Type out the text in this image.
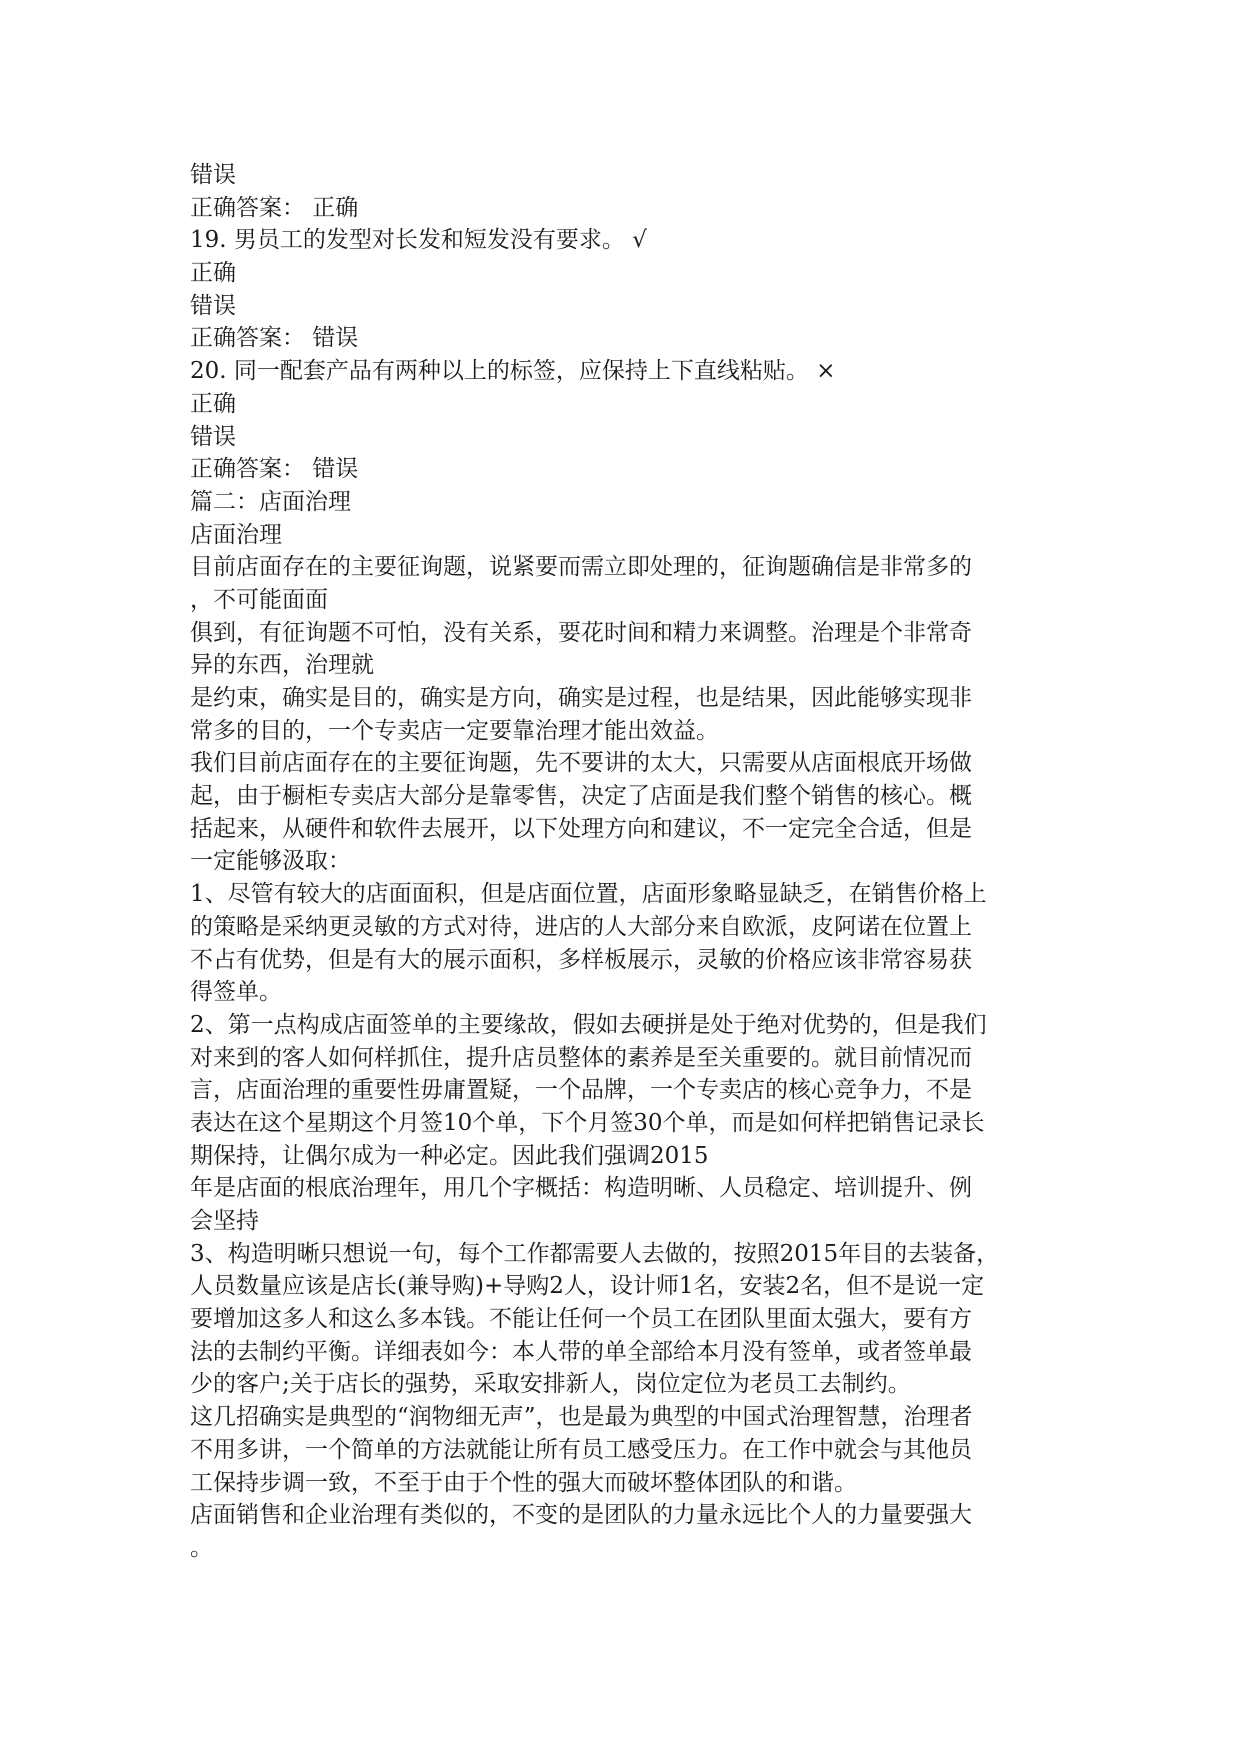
错误
正确答案： 正确
19. 男员工的发型对长发和短发没有要求。 √
正确
错误
正确答案： 错误
20. 同一配套产品有两种以上的标签，应保持上下直线粘贴。 ×
正确
错误
正确答案： 错误
篇二：店面治理
店面治理
目前店面存在的主要征询题，说紧要而需立即处理的，征询题确信是非常多的
，不可能面面
俱到，有征询题不可怕，没有关系，要花时间和精力来调整。治理是个非常奇
异的东西，治理就
是约束，确实是目的，确实是方向，确实是过程，也是结果，因此能够实现非
常多的目的，一个专卖店一定要靠治理才能出效益。
我们目前店面存在的主要征询题，先不要讲的太大，只需要从店面根底开场做
起，由于橱柜专卖店大部分是靠零售，决定了店面是我们整个销售的核心。概
括起来，从硬件和软件去展开，以下处理方向和建议，不一定完全合适，但是
一定能够汲取：
1、尽管有较大的店面面积，但是店面位置，店面形象略显缺乏，在销售价格上
的策略是采纳更灵敏的方式对待，进店的人大部分来自欧派，皮阿诺在位置上
不占有优势，但是有大的展示面积，多样板展示，灵敏的价格应该非常容易获
得签单。
2、第一点构成店面签单的主要缘故，假如去硬拼是处于绝对优势的，但是我们
对来到的客人如何样抓住，提升店员整体的素养是至关重要的。就目前情况而
言，店面治理的重要性毋庸置疑，一个品牌，一个专卖店的核心竞争力，不是
表达在这个星期这个月签10个单，下个月签30个单，而是如何样把销售记录长
期保持，让偶尔成为一种必定。因此我们强调2015
年是店面的根底治理年，用几个字概括：构造明晰、人员稳定、培训提升、例
会坚持
3、构造明晰只想说一句，每个工作都需要人去做的，按照2015年目的去装备，
人员数量应该是店长(兼导购)+导购2人，设计师1名，安装2名，但不是说一定
要增加这多人和这么多本钱。不能让任何一个员工在团队里面太强大，要有方
法的去制约平衡。详细表如今：本人带的单全部给本月没有签单，或者签单最
少的客户;关于店长的强势，采取安排新人，岗位定位为老员工去制约。
这几招确实是典型的“润物细无声”，也是最为典型的中国式治理智慧，治理者
不用多讲，一个简单的方法就能让所有员工感受压力。在工作中就会与其他员
工保持步调一致，不至于由于个性的强大而破坏整体团队的和谐。
店面销售和企业治理有类似的，不变的是团队的力量永远比个人的力量要强大
。
